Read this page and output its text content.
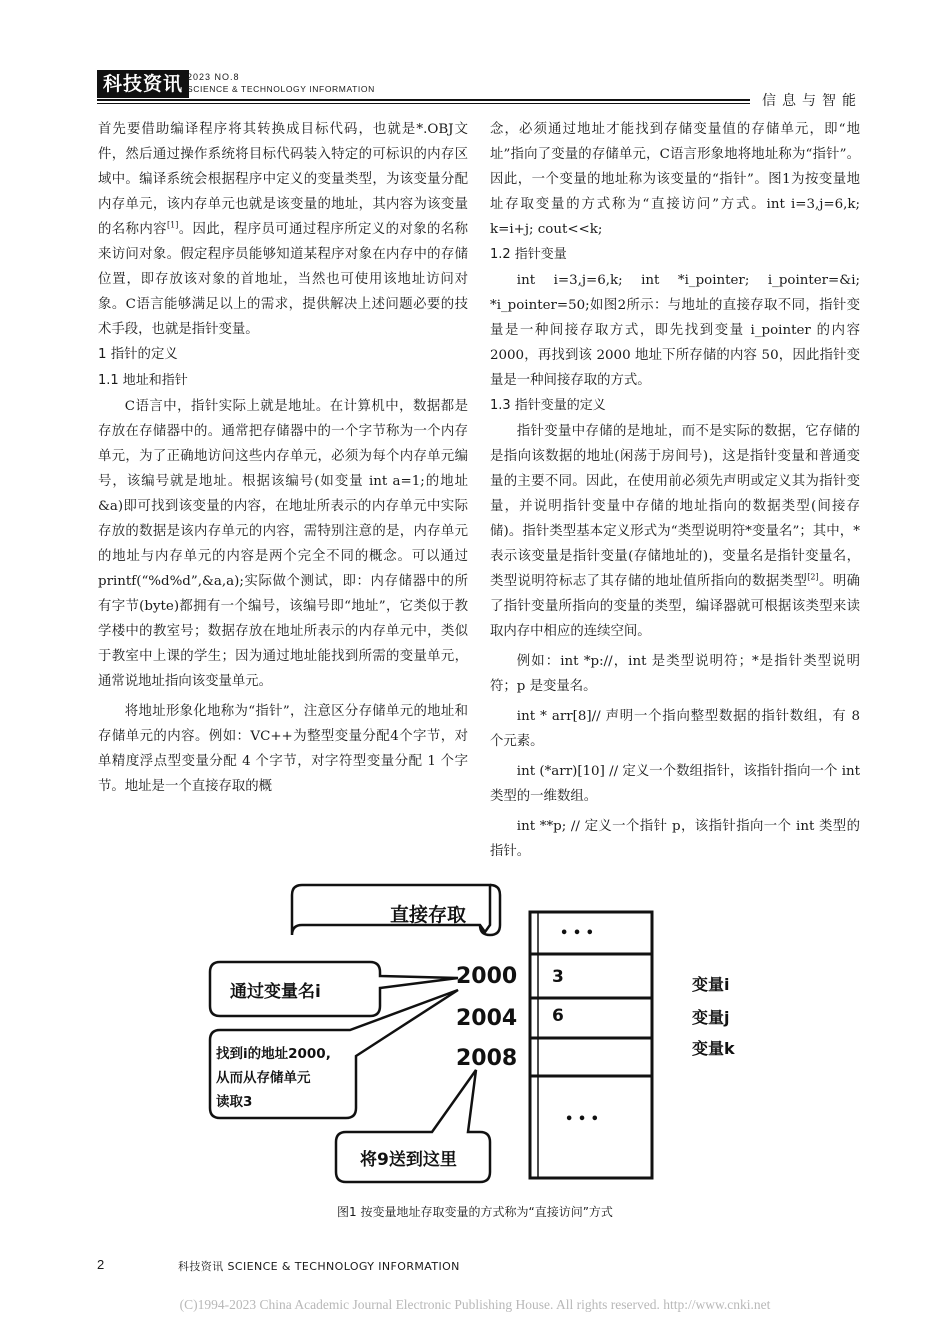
科技资讯 2023 NO.8
SCIENCE & TECHNOLOGY INFORMATION
信息与智能

首先要借助编译程序将其转换成目标代码，也就是*.OBJ文件，然后通过操作系统将目标代码装入特定的可标识的内存区域中。编译系统会根据程序中定义的变量类型，为该变量分配内存单元，该内存单元也就是该变量的地址，其内容为该变量的名称内容[1]。因此，程序员可通过程序所定义的对象的名称来访问对象。假定程序员能够知道某程序对象在内存中的存储位置，即存放该对象的首地址，当然也可使用该地址访问对象。C语言能够满足以上的需求，提供解决上述问题必要的技术手段，也就是指针变量。

1 指针的定义
1.1 地址和指针

C语言中，指针实际上就是地址。在计算机中，数据都是存放在存储器中的。通常把存储器中的一个字节称为一个内存单元，为了正确地访问这些内存单元，必须为每个内存单元编号，该编号就是地址。根据该编号(如变量 int a=1;的地址&a)即可找到该变量的内容，在地址所表示的内存单元中实际存放的数据是该内存单元的内容，需特别注意的是，内存单元的地址与内存单元的内容是两个完全不同的概念。可以通过printf(“%d%d”,&a,a);实际做个测试，即：内存储器中的所有字节(byte)都拥有一个编号，该编号即“地址”，它类似于教学楼中的教室号；数据存放在地址所表示的内存单元中，类似于教室中上课的学生；因为通过地址能找到所需的变量单元，通常说地址指向该变量单元。

将地址形象化地称为“指针”，注意区分存储单元的地址和存储单元的内容。例如：VC++为整型变量分配4个字节，对单精度浮点型变量分配 4 个字节，对字符型变量分配 1 个字节。地址是一个直接存取的概

念，必须通过地址才能找到存储变量值的存储单元，即“地址”指向了变量的存储单元，C语言形象地将地址称为“指针”。因此，一个变量的地址称为该变量的“指针”。图1为按变量地址存取变量的方式称为“直接访问”方式。int i=3,j=6,k; k=i+j; cout<<k;

1.2 指针变量

int i=3,j=6,k; int *i_pointer; i_pointer=&i; *i_pointer=50;如图2所示：与地址的直接存取不同，指针变量是一种间接存取方式，即先找到变量 i_pointer 的内容2000，再找到该 2000 地址下所存储的内容 50，因此指针变量是一种间接存取的方式。

1.3 指针变量的定义

指针变量中存储的是地址，而不是实际的数据，它存储的是指向该数据的地址(闲荡于房间号)，这是指针变量和普通变量的主要不同。因此，在使用前必须先声明或定义其为指针变量，并说明指针变量中存储的地址指向的数据类型(间接存储)。指针类型基本定义形式为“类型说明符*变量名”；其中，*表示该变量是指针变量(存储地址的)，变量名是指针变量名，类型说明符标志了其存储的地址值所指向的数据类型[2]。明确了指针变量所指向的变量的类型，编译器就可根据该类型来读取内存中相应的连续空间。

例如：int *p://，int 是类型说明符；*是指针类型说明符；p 是变量名。

int * arr[8]// 声明一个指向整型数据的指针数组，有 8 个元素。

int (*arr)[10] // 定义一个数组指针，该指针指向一个 int 类型的一维数组。

int **p; // 定义一个指针 p，该指针指向一个 int 类型的指针。

直接存取
通过变量名i
找到i的地址2000,
从而从存储单元
读取3
将9送到这里
2000
2004
2008
• • •
3
6
• • •
变量i
变量j
变量k
图1 按变量地址存取变量的方式称为“直接访问”方式
2	科技资讯 SCIENCE & TECHNOLOGY INFORMATION
(C)1994-2023 China Academic Journal Electronic Publishing House. All rights reserved. http://www.cnki.net
